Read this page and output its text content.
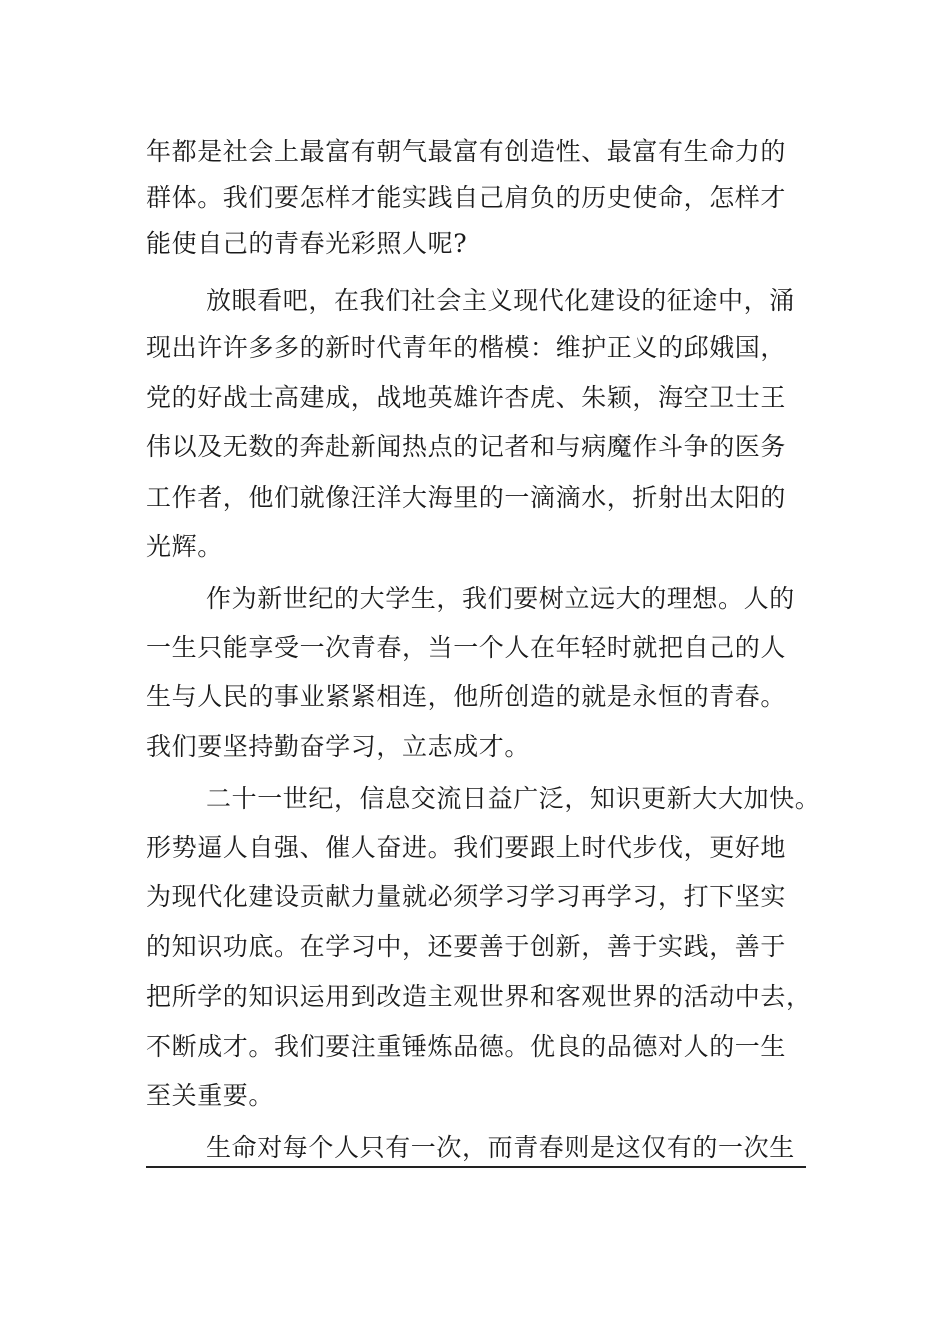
年都是社会上最富有朝气最富有创造性、最富有生命力的
群体。我们要怎样才能实践自己肩负的历史使命，怎样才
能使自己的青春光彩照人呢?
放眼看吧，在我们社会主义现代化建设的征途中，涌
现出许许多多的新时代青年的楷模：维护正义的邱娥国，
党的好战士高建成，战地英雄许杏虎、朱颖，海空卫士王
伟以及无数的奔赴新闻热点的记者和与病魔作斗争的医务
工作者，他们就像汪洋大海里的一滴滴水，折射出太阳的
光辉。
作为新世纪的大学生，我们要树立远大的理想。人的
一生只能享受一次青春，当一个人在年轻时就把自己的人
生与人民的事业紧紧相连，他所创造的就是永恒的青春。
我们要坚持勤奋学习，立志成才。
二十一世纪，信息交流日益广泛，知识更新大大加快。
形势逼人自强、催人奋进。我们要跟上时代步伐，更好地
为现代化建设贡献力量就必须学习学习再学习，打下坚实
的知识功底。在学习中，还要善于创新，善于实践，善于
把所学的知识运用到改造主观世界和客观世界的活动中去，
不断成才。我们要注重锤炼品德。优良的品德对人的一生
至关重要。
生命对每个人只有一次，而青春则是这仅有的一次生
